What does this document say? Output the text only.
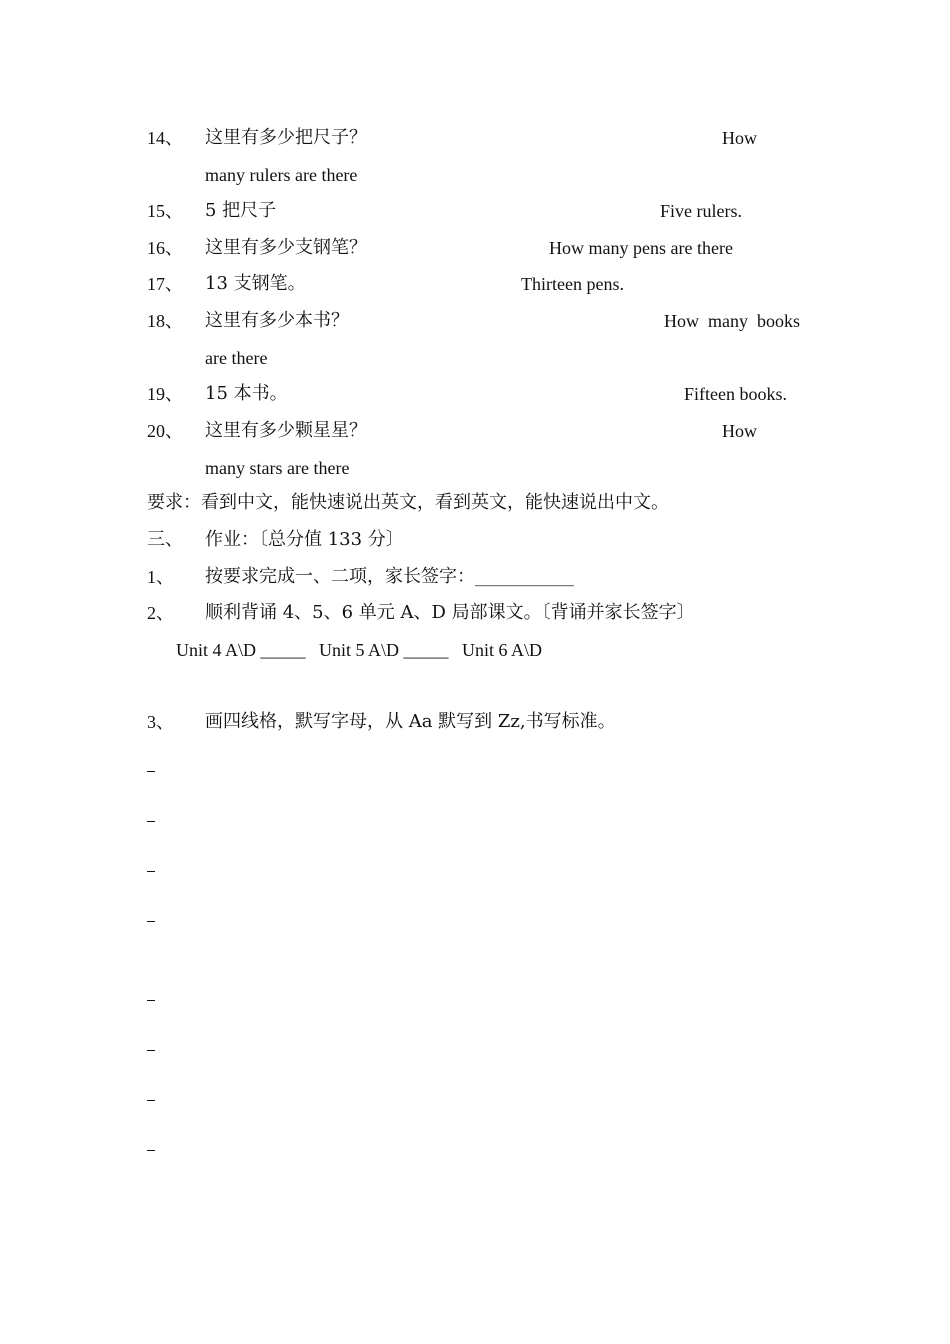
14、 这里有多少把尺子？	How
many rulers are there
15、 5 把尺子	Five rulers.
16、 这里有多少支钢笔？	How many pens are there
17、 13 支钢笔。	Thirteen pens.
18、 这里有多少本书？	How  many  books
are there
19、 15 本书。	Fifteen books.
20、 这里有多少颗星星？	How
many stars are there
要求：看到中文，能快速说出英文，看到英文，能快速说出中文。
三、 作业：〔总分值 133 分〕
1、 按要求完成一、二项，家长签字：___________
2、 顺利背诵 4、5、6 单元 A、D 局部课文。〔背诵并家长签字〕
Unit 4 A\D _____   Unit 5 A\D _____   Unit 6 A\D
3、 画四线格，默写字母，从 Aa 默写到 Zz,书写标准。
